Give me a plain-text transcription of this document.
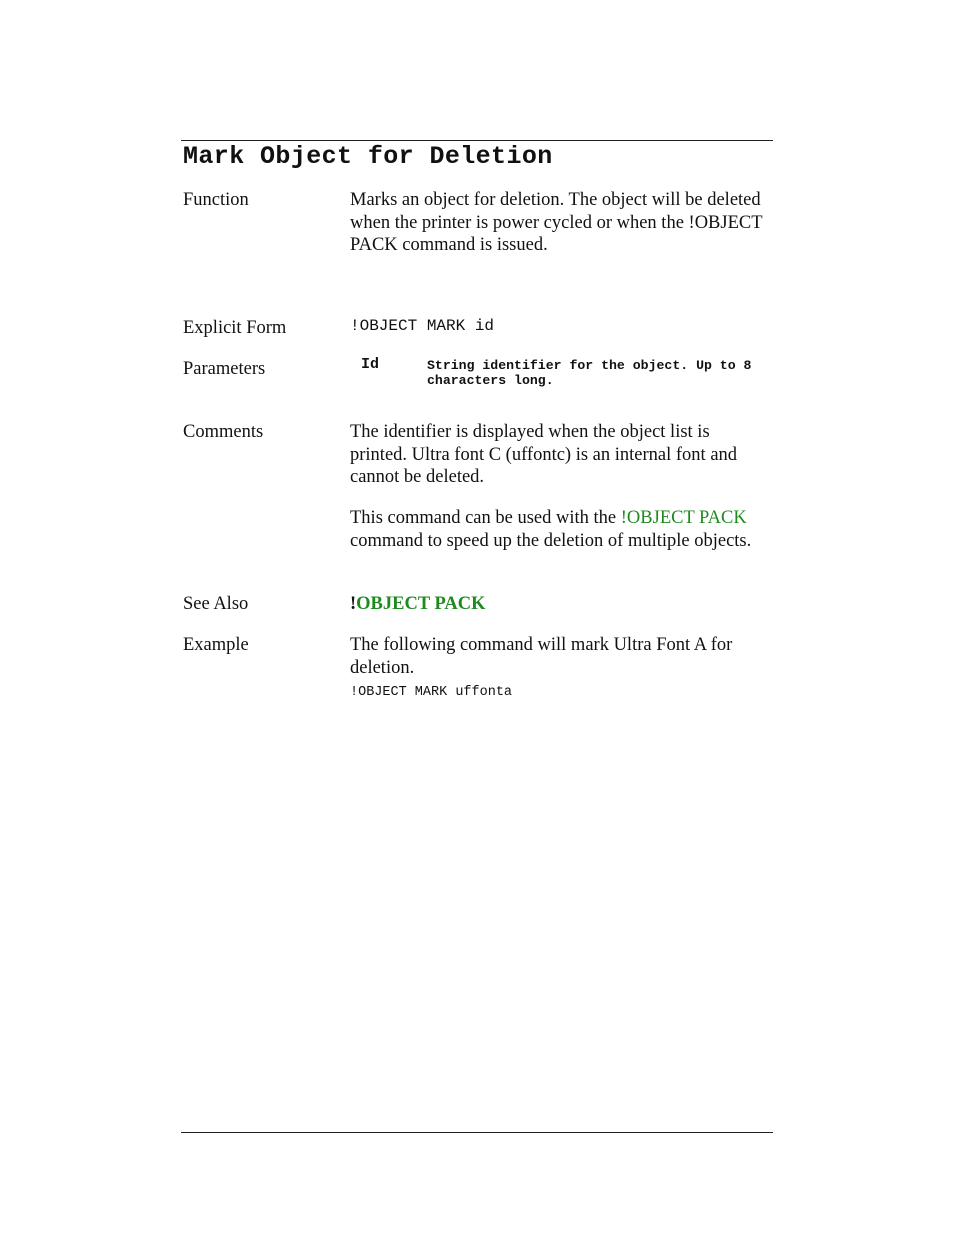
Mark Object for Deletion
Function	Marks an object for deletion. The object will be deleted when the printer is power cycled or when the !OBJECT PACK command is issued.
Explicit Form	!OBJECT MARK id
Parameters	Id	String identifier for the object. Up to 8 characters long.
Comments	The identifier is displayed when the object list is printed. Ultra font C (uffontc) is an internal font and cannot be deleted.
This command can be used with the !OBJECT PACK command to speed up the deletion of multiple objects.
See Also	!OBJECT PACK
Example	The following command will mark Ultra Font A for deletion.
!OBJECT MARK uffonta
